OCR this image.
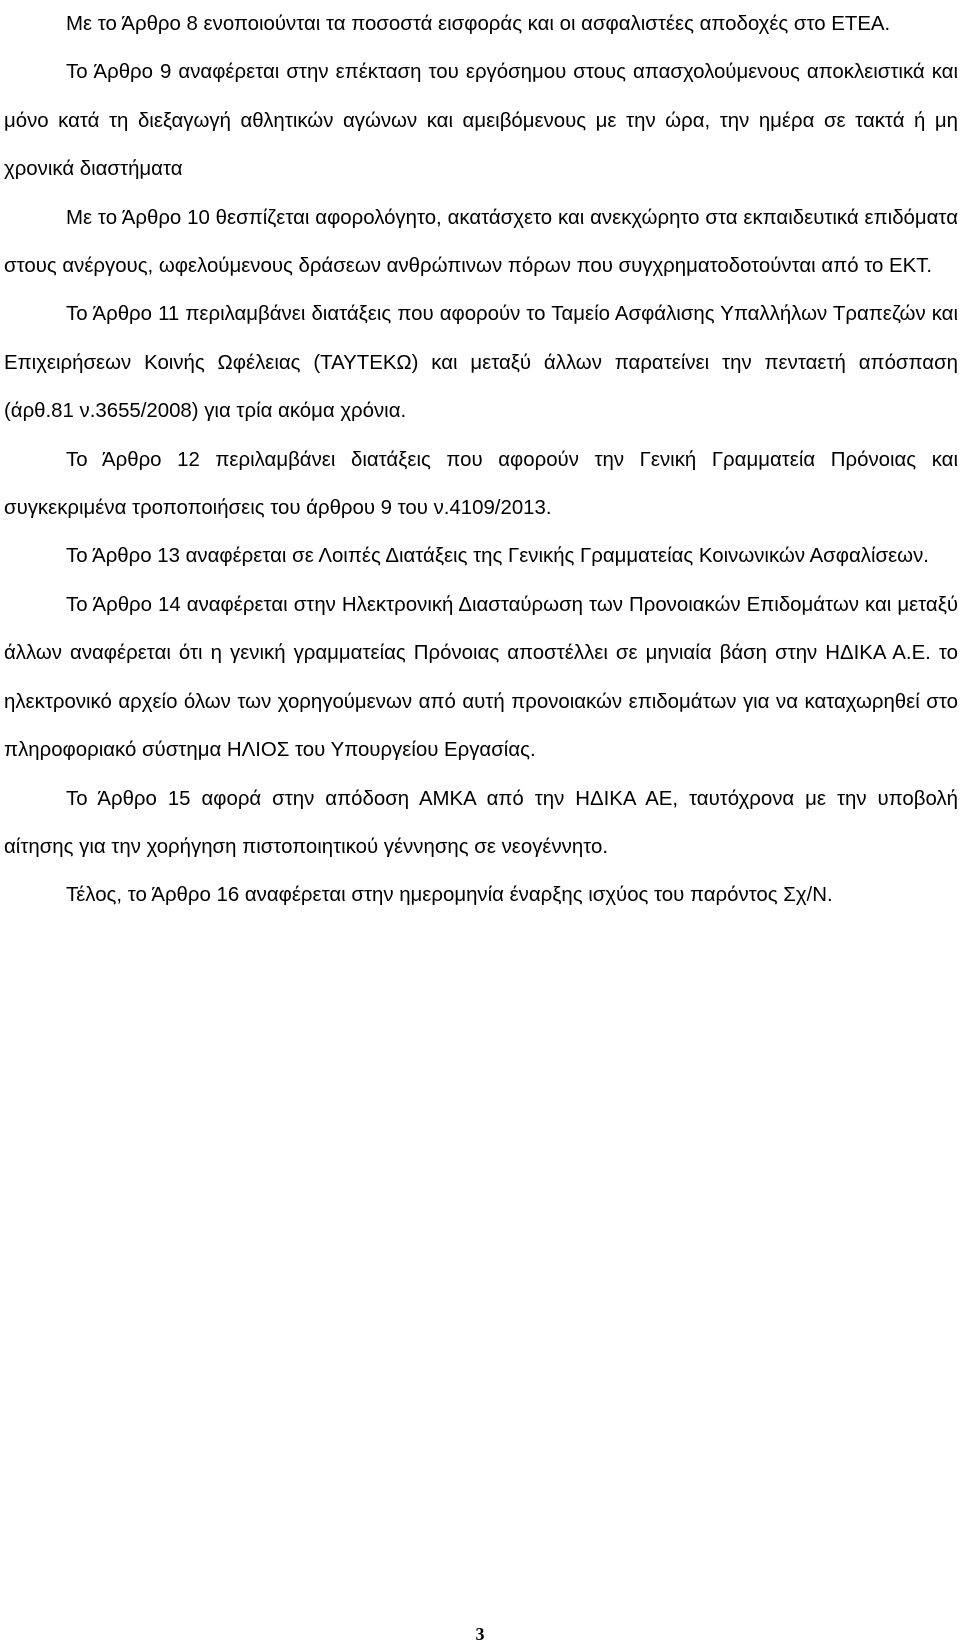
Με το Άρθρο 8 ενοποιούνται τα ποσοστά εισφοράς και οι ασφαλιστέες αποδοχές στο ΕΤΕΑ.

Το Άρθρο 9 αναφέρεται στην επέκταση του εργόσημου στους απασχολούμενους αποκλειστικά και μόνο κατά τη διεξαγωγή αθλητικών αγώνων και αμειβόμενους με την ώρα, την ημέρα σε τακτά ή μη χρονικά διαστήματα

Με το Άρθρο 10 θεσπίζεται αφορολόγητο, ακατάσχετο και ανεκχώρητο στα εκπαιδευτικά επιδόματα στους ανέργους, ωφελούμενους δράσεων ανθρώπινων πόρων που συγχρηματοδοτούνται από το ΕΚΤ.

Το Άρθρο 11 περιλαμβάνει διατάξεις που αφορούν το Ταμείο Ασφάλισης Υπαλλήλων Τραπεζών και Επιχειρήσεων Κοινής Ωφέλειας (ΤΑΥΤΕΚΩ) και μεταξύ άλλων παρατείνει την πενταετή απόσπαση (άρθ.81 ν.3655/2008) για τρία ακόμα χρόνια.

Το Άρθρο 12 περιλαμβάνει διατάξεις που αφορούν την Γενική Γραμματεία Πρόνοιας και συγκεκριμένα τροποποιήσεις του άρθρου 9 του ν.4109/2013.

Το Άρθρο 13 αναφέρεται σε Λοιπές Διατάξεις της Γενικής Γραμματείας Κοινωνικών Ασφαλίσεων.

Το Άρθρο 14 αναφέρεται στην Ηλεκτρονική Διασταύρωση των Προνοιακών Επιδομάτων και μεταξύ άλλων αναφέρεται ότι η γενική γραμματείας Πρόνοιας αποστέλλει σε μηνιαία βάση στην ΗΔΙΚΑ Α.Ε. το ηλεκτρονικό αρχείο όλων των χορηγούμενων από αυτή προνοιακών επιδομάτων για να καταχωρηθεί στο πληροφοριακό σύστημα ΗΛΙΟΣ του Υπουργείου Εργασίας.

Το Άρθρο 15 αφορά στην απόδοση ΑΜΚΑ από την ΗΔΙΚΑ ΑΕ, ταυτόχρονα με την υποβολή αίτησης για την χορήγηση πιστοποιητικού γέννησης σε νεογέννητο.

Τέλος, το Άρθρο 16 αναφέρεται στην ημερομηνία έναρξης ισχύος του παρόντος Σχ/Ν.

3
